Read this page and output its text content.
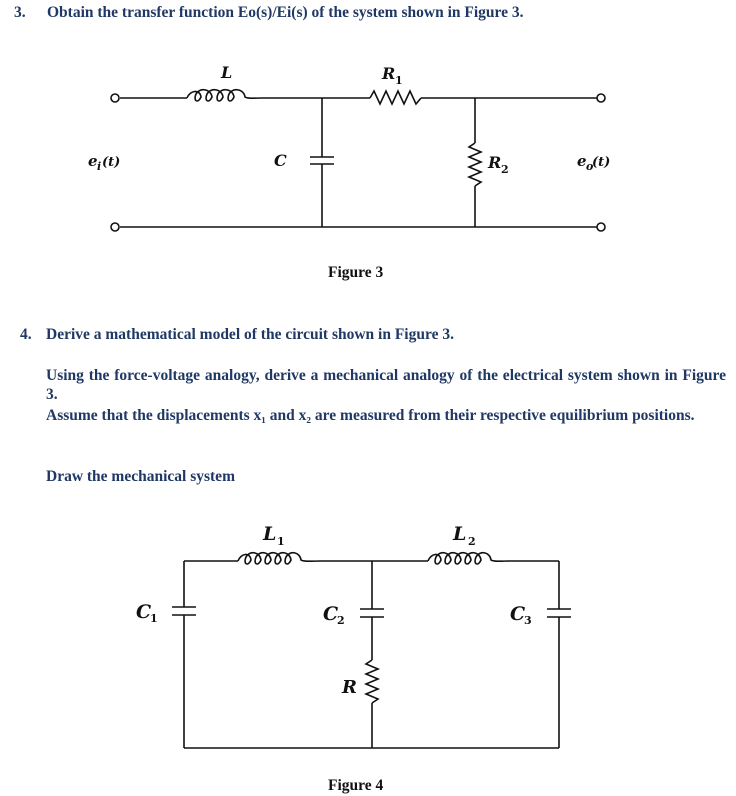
3. Obtain the transfer function Eo(s)/Ei(s) of the system shown in Figure 3.
L	R 1
C	R 2
e i (t)	e o
(t)
Figure 3
4. Derive a mathematical model of the circuit shown in Figure 3.
Using the force-voltage analogy, derive a mechanical analogy of the electrical system shown in Figure 3.
Assume that the displacements x₁ and x₂ are measured from their respective equilibrium positions.
Draw the mechanical system
L 1	L 2
C
1	C
2	C
3
R
Figure 4
